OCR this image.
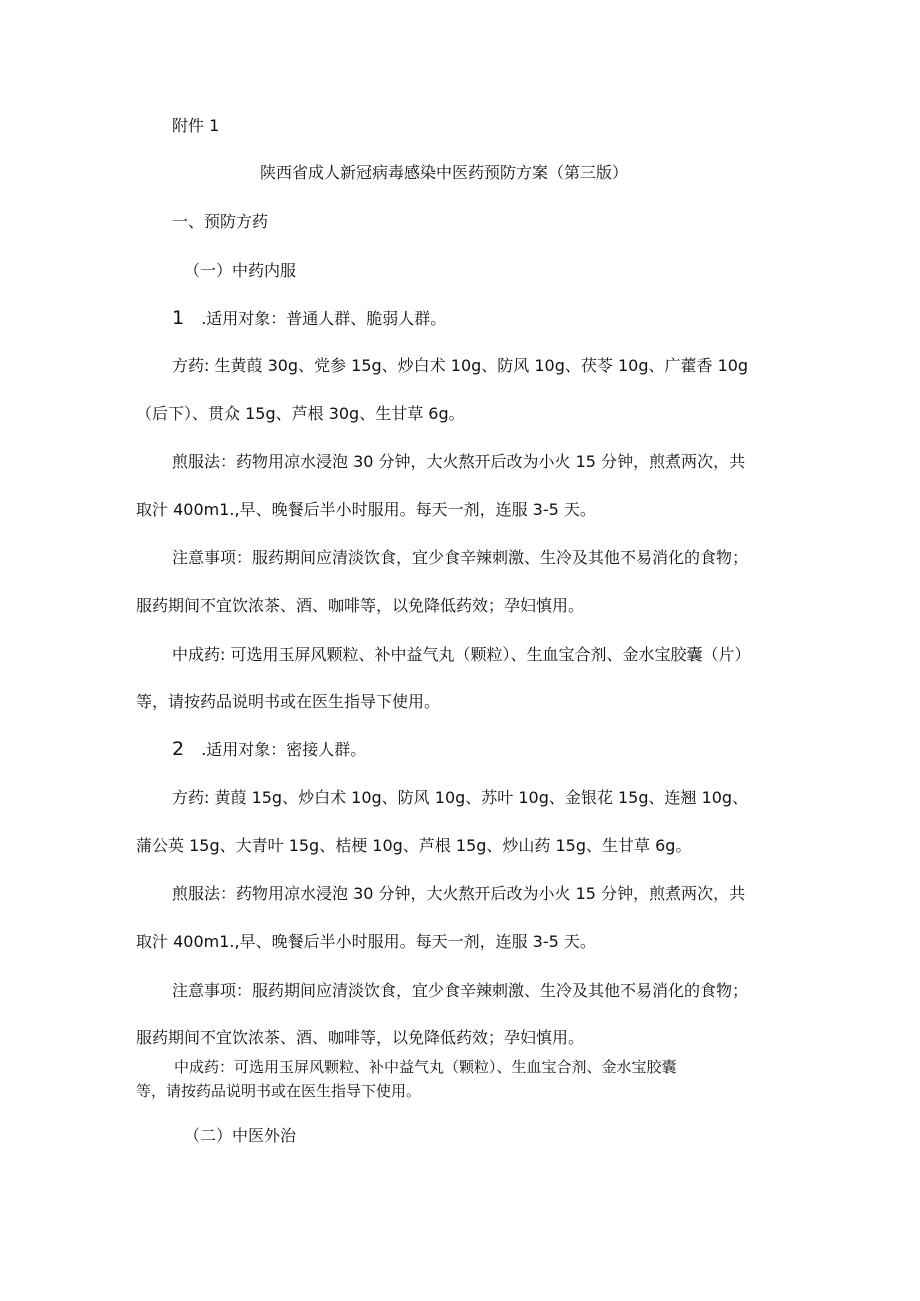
附件 1
陕西省成人新冠病毒感染中医药预防方案（第三版）
一、预防方药
（一）中药内服
1 .适用对象：普通人群、脆弱人群。
方药: 生黄葭 30g、党参 15g、炒白术 10g、防风 10g、茯苓 10g、广藿香 10g
（后下）、贯众 15g、芦根 30g、生甘草 6g。
煎服法：药物用凉水浸泡 30 分钟，大火熬开后改为小火 15 分钟，煎煮两次，共
取汁 400m1.,早、晚餐后半小时服用。每天一剂，连服 3-5 天。
注意事项：服药期间应清淡饮食，宜少食辛辣刺激、生冷及其他不易消化的食物；
服药期间不宜饮浓茶、酒、咖啡等，以免降低药效；孕妇慎用。
中成药: 可选用玉屏风颗粒、补中益气丸（颗粒）、生血宝合剂、金水宝胶囊（片）
等，请按药品说明书或在医生指导下使用。
2 .适用对象：密接人群。
方药: 黄葭 15g、炒白术 10g、防风 10g、苏叶 10g、金银花 15g、连翘 10g、
蒲公英 15g、大青叶 15g、桔梗 10g、芦根 15g、炒山药 15g、生甘草 6g。
煎服法：药物用凉水浸泡 30 分钟，大火熬开后改为小火 15 分钟，煎煮两次，共
取汁 400m1.,早、晚餐后半小时服用。每天一剂，连服 3-5 天。
注意事项：服药期间应清淡饮食，宜少食辛辣刺激、生冷及其他不易消化的食物；
服药期间不宜饮浓茶、酒、咖啡等，以免降低药效；孕妇慎用。
中成药：可选用玉屏风颗粒、补中益气丸（颗粒）、生血宝合剂、金水宝胶囊
等，请按药品说明书或在医生指导下使用。
（二）中医外治
